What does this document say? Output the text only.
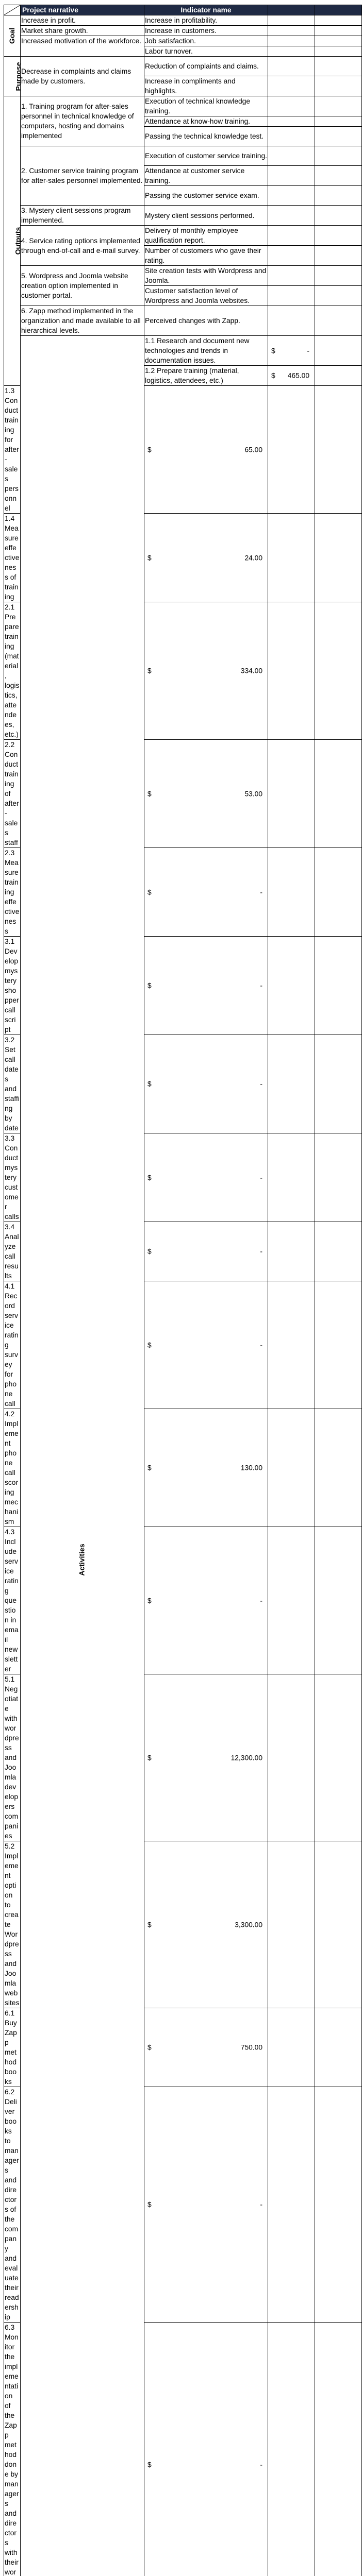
	Project narrative	Indicator name			
Goal	Increase in profit.	Increase in profitability.			
	Market share growth.	Increase in customers.			
	Increased motivation of the workforce.	Job satisfaction.			
		Labor turnover.			
Purpose	Decrease in complaints and claims made by customers.	Reduction of complaints and claims.			
		Increase in compliments and highlights.			
Outputs	1. Training program for after-sales personnel in technical knowledge of computers, hosting and domains implemented	Execution of technical knowledge training.			
		Attendance at know-how training.			
		Passing the technical knowledge test.			
	2. Customer service training program for after-sales personnel implemented.	Execution of customer service training.			
		Attendance at customer service training.			
		Passing the customer service exam.			
	3. Mystery client sessions program implemented.	Mystery client sessions performed.			
	4. Service rating options implemented through end-of-call and e-mail survey.	Delivery of monthly employee qualification report.			
		Number of customers who gave their rating.			
	5. Wordpress and Joomla website creation option implemented in customer portal.	Site creation tests with Wordpress and Joomla.			
		Customer satisfaction level of Wordpress and Joomla websites.			
	6. Zapp method implemented in the organization and made available to all hierarchical levels.	Perceived changes with Zapp.			
	Activities	1.1 Research and document new technologies and trends in documentation issues.	$ -		

		1.2 Prepare training (material, logistics, attendees, etc.)	$ 465.00		

1.3 Conduct training for after-sales personnel		$ 65.00			

1.4 Measure effectiveness of training		$ 24.00			

2.1 Prepare training (material, logistics, attendees, etc.)		$ 334.00			

2.2 Conduct training of after-sales staff		$ 53.00			

2.3 Measure training effectiveness		$ -			

3.1 Develop mystery shopper call script		$ -			

3.2 Set call dates and staffing by date		$ -			

3.3 Conduct mystery customer calls		$ -			

3.4 Analyze call results		$ -			

4.1 Record service rating survey for phone call		$ -			

4.2 Implement phone call scoring mechanism		$ 130.00			

4.3 Include service rating question in email newsletter		$ -			

5.1 Negotiate with wordpress and Joomla developers companies		$ 12,300.00			

5.2 Implement option to create Wordpress and Joomla websites		$ 3,300.00			

6.1 Buy Zapp method books		$ 750.00			

6.2 Deliver books to managers and directors of the company and evaluate their readership		$ -			

6.3 Monitor the implementation of the Zapp method done by managers and directors with their wor		$ -			
